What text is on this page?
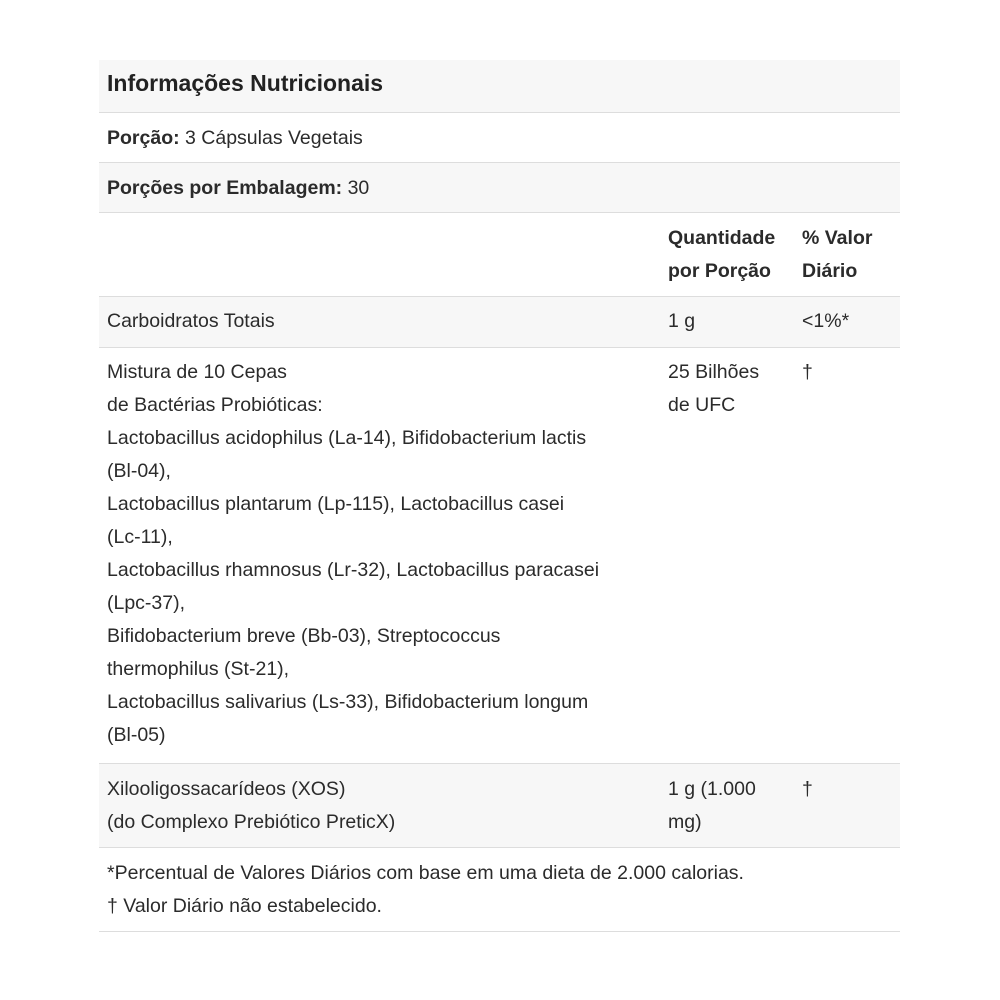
Informações Nutricionais
Porção: 3 Cápsulas Vegetais
Porções por Embalagem: 30
Quantidade
por Porção
% Valor
Diário
Carboidratos Totais	1 g	<1%*
Mistura de 10 Cepas
de Bactérias Probióticas:
Lactobacillus acidophilus (La-14), Bifidobacterium lactis
(Bl-04),
Lactobacillus plantarum (Lp-115), Lactobacillus casei
(Lc-11),
Lactobacillus rhamnosus (Lr-32), Lactobacillus paracasei
(Lpc-37),
Bifidobacterium breve (Bb-03), Streptococcus
thermophilus (St-21),
Lactobacillus salivarius (Ls-33), Bifidobacterium longum
(Bl-05)
25 Bilhões
de UFC
†
Xilooligossacarídeos (XOS)
(do Complexo Prebiótico PreticX)
1 g (1.000
mg)
†
*Percentual de Valores Diários com base em uma dieta de 2.000 calorias.
† Valor Diário não estabelecido.
